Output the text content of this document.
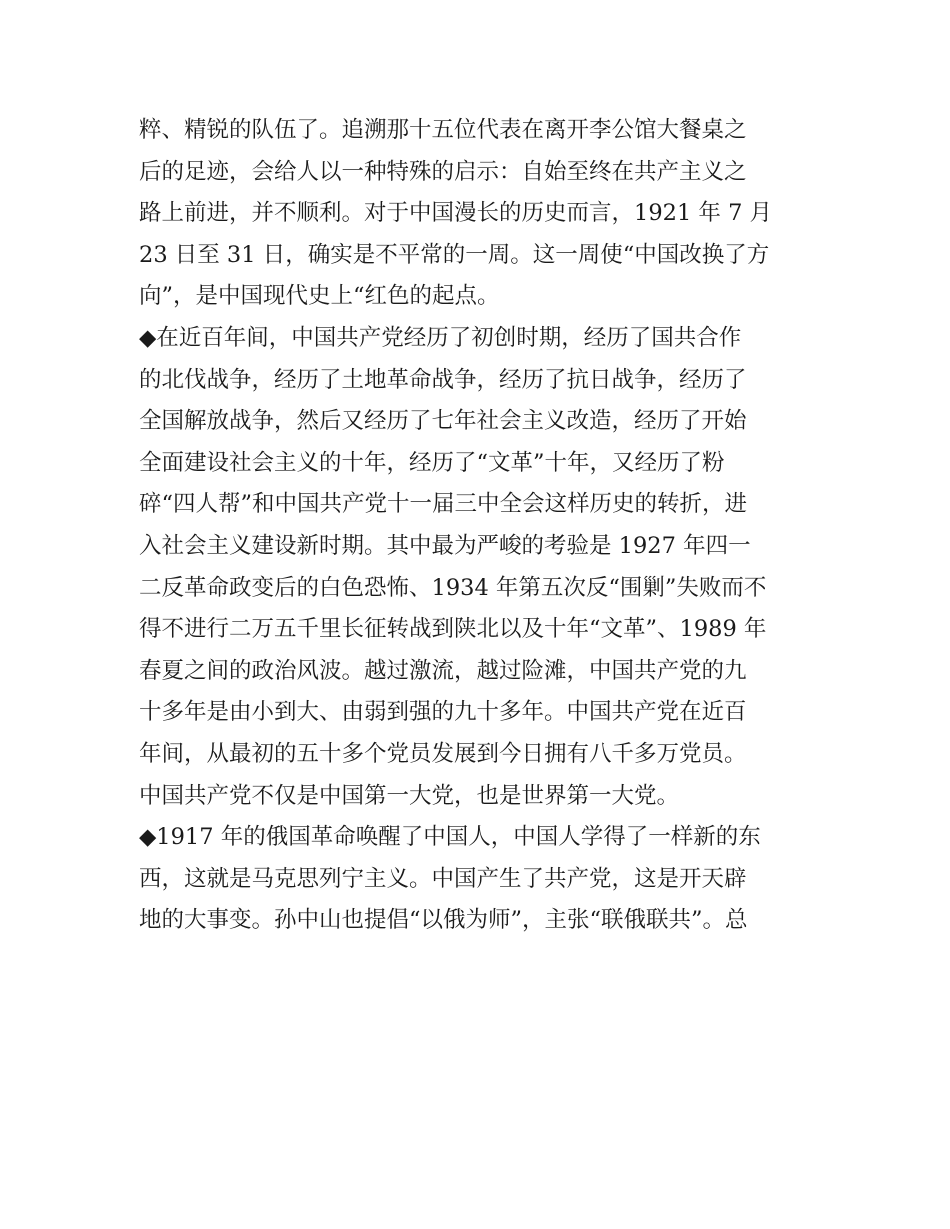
粹、精锐的队伍了。追溯那十五位代表在离开李公馆大餐桌之
后的足迹，会给人以一种特殊的启示：自始至终在共产主义之
路上前进，并不顺利。对于中国漫长的历史而言，1921 年 7 月
23 日至 31 日，确实是不平常的一周。这一周使“中国改换了方
向”，是中国现代史上“红色的起点。
◆在近百年间，中国共产党经历了初创时期，经历了国共合作
的北伐战争，经历了土地革命战争，经历了抗日战争，经历了
全国解放战争，然后又经历了七年社会主义改造，经历了开始
全面建设社会主义的十年，经历了“文革”十年，又经历了粉
碎“四人帮”和中国共产党十一届三中全会这样历史的转折，进
入社会主义建设新时期。其中最为严峻的考验是 1927 年四一
二反革命政变后的白色恐怖、1934 年第五次反“围剿”失败而不
得不进行二万五千里长征转战到陕北以及十年“文革”、1989 年
春夏之间的政治风波。越过激流，越过险滩，中国共产党的九
十多年是由小到大、由弱到强的九十多年。中国共产党在近百
年间，从最初的五十多个党员发展到今日拥有八千多万党员。
中国共产党不仅是中国第一大党，也是世界第一大党。
◆1917 年的俄国革命唤醒了中国人，中国人学得了一样新的东
西，这就是马克思列宁主义。中国产生了共产党，这是开天辟
地的大事变。孙中山也提倡“以俄为师”，主张“联俄联共”。总
